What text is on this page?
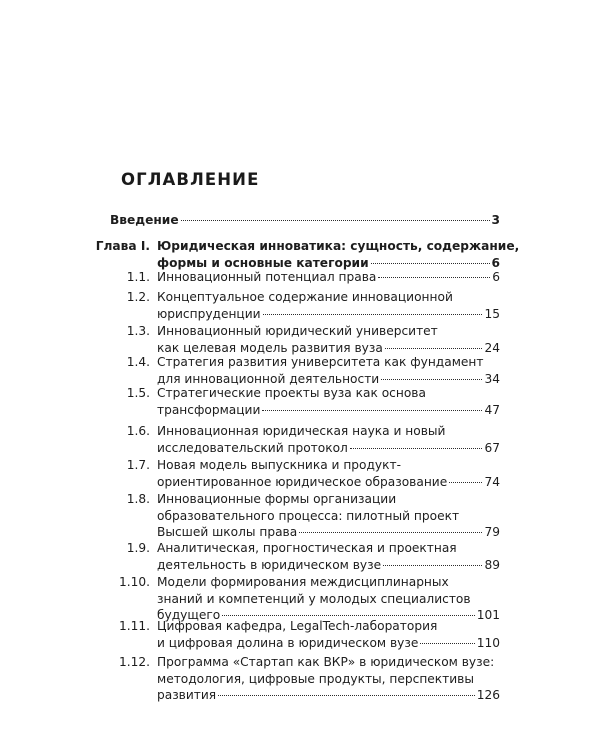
ОГЛАВЛЕНИЕ
Введение	3
Глава I. Юридическая инноватика: сущность, содержание,
формы и основные категории	6
1.1. Инновационный потенциал права	6
1.2. Концептуальное содержание инновационной
юриспруденции	15
1.3. Инновационный юридический университет
как целевая модель развития вуза	24
1.4. Стратегия развития университета как фундамент
для инновационной деятельности	34
1.5. Стратегические проекты вуза как основа
трансформации	47
1.6. Инновационная юридическая наука и новый
исследовательский протокол	67
1.7. Новая модель выпускника и продукт-
ориентированное юридическое образование	74
1.8. Инновационные формы организации
образовательного процесса: пилотный проект
Высшей школы права	79
1.9. Аналитическая, прогностическая и проектная
деятельность в юридическом вузе	89
1.10. Модели формирования междисциплинарных
знаний и компетенций у молодых специалистов
будущего	101
1.11. Цифровая кафедра, LegalTech-лаборатория
и цифровая долина в юридическом вузе	110
1.12. Программа «Стартап как ВКР» в юридическом вузе:
методология, цифровые продукты, перспективы
развития	126
